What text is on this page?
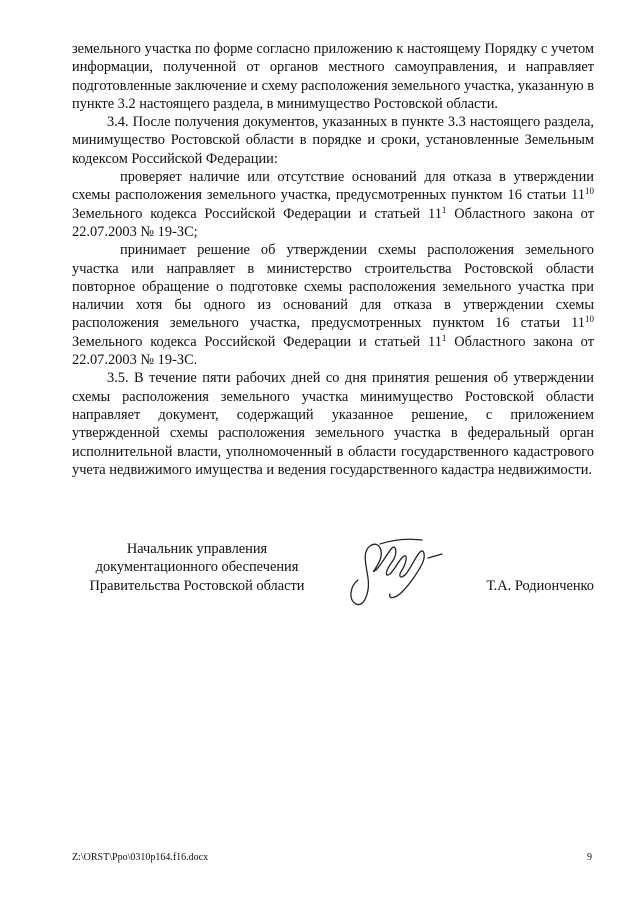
земельного участка по форме согласно приложению к настоящему Порядку с учетом информации, полученной от органов местного самоуправления, и направляет подготовленные заключение и схему расположения земельного участка, указанную в пункте 3.2 настоящего раздела, в минимущество Ростовской области.

3.4. После получения документов, указанных в пункте 3.3 настоящего раздела, минимущество Ростовской области в порядке и сроки, установленные Земельным кодексом Российской Федерации:

проверяет наличие или отсутствие оснований для отказа в утверждении схемы расположения земельного участка, предусмотренных пунктом 16 статьи $11^{10}$ Земельного кодекса Российской Федерации и статьей $11^1$ Областного закона от 22.07.2003 № 19-ЗС;

принимает решение об утверждении схемы расположения земельного участка или направляет в министерство строительства Ростовской области повторное обращение о подготовке схемы расположения земельного участка при наличии хотя бы одного из оснований для отказа в утверждении схемы расположения земельного участка, предусмотренных пунктом 16 статьи $11^{10}$ Земельного кодекса Российской Федерации и статьей $11^1$ Областного закона от 22.07.2003 № 19-ЗС.

3.5. В течение пяти рабочих дней со дня принятия решения об утверждении схемы расположения земельного участка минимущество Ростовской области направляет документ, содержащий указанное решение, с приложением утвержденной схемы расположения земельного участка в федеральный орган исполнительной власти, уполномоченный в области государственного кадастрового учета недвижимого имущества и ведения государственного кадастра недвижимости.

Начальник управления
документационного обеспечения
Правительства Ростовской области	Т.А. Родионченко
Z:\ORST\Ppo\0310p164.f16.docx	9
